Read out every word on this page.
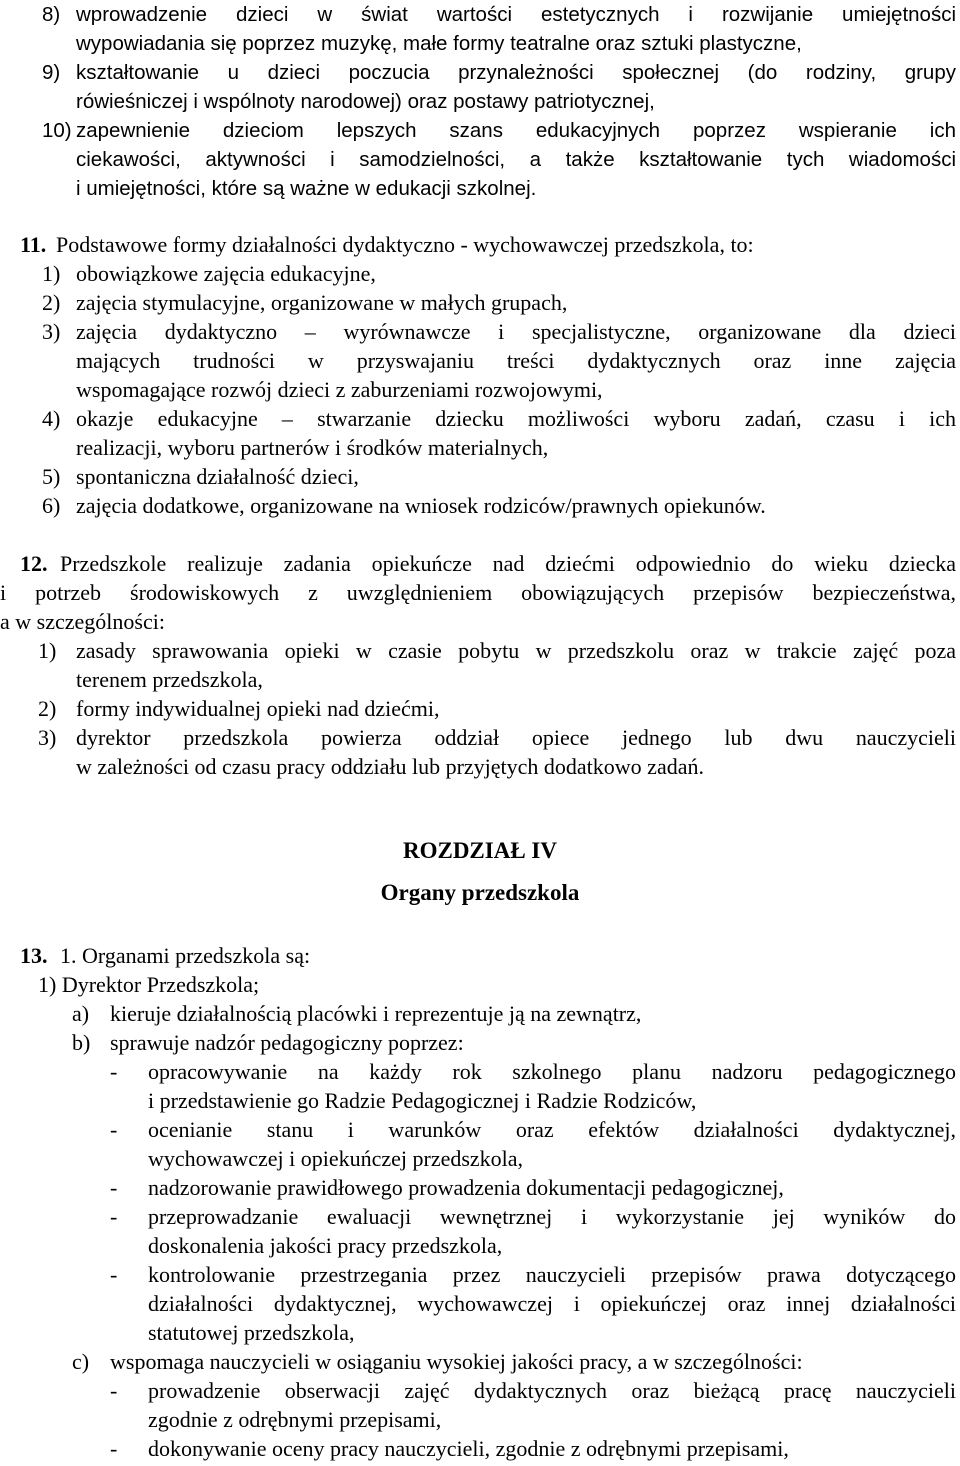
8) wprowadzenie dzieci w świat wartości estetycznych i rozwijanie umiejętności
wypowiadania się poprzez muzykę, małe formy teatralne oraz sztuki plastyczne,
9) kształtowanie u dzieci poczucia przynależności społecznej (do rodziny, grupy
rówieśniczej i wspólnoty narodowej) oraz postawy patriotycznej,
10) zapewnienie dzieciom lepszych szans edukacyjnych poprzez wspieranie ich
ciekawości, aktywności i samodzielności, a także kształtowanie tych wiadomości
i umiejętności, które są ważne w edukacji szkolnej.
11. Podstawowe formy działalności dydaktyczno - wychowawczej przedszkola, to:
1) obowiązkowe zajęcia edukacyjne,
2) zajęcia stymulacyjne, organizowane w małych grupach,
3) zajęcia dydaktyczno – wyrównawcze i specjalistyczne, organizowane dla dzieci
mających trudności w przyswajaniu treści dydaktycznych oraz inne zajęcia
wspomagające rozwój dzieci z zaburzeniami rozwojowymi,
4) okazje edukacyjne – stwarzanie dziecku możliwości wyboru zadań, czasu i ich
realizacji, wyboru partnerów i środków materialnych,
5) spontaniczna działalność dzieci,
6) zajęcia dodatkowe, organizowane na wniosek rodziców/prawnych opiekunów.
12. Przedszkole realizuje zadania opiekuńcze nad dziećmi odpowiednio do wieku dziecka
i potrzeb środowiskowych z uwzględnieniem obowiązujących przepisów bezpieczeństwa,
a w szczególności:
1) zasady sprawowania opieki w czasie pobytu w przedszkolu oraz w trakcie zajęć poza
terenem przedszkola,
2) formy indywidualnej opieki nad dziećmi,
3) dyrektor przedszkola powierza oddział opiece jednego lub dwu nauczycieli
w zależności od czasu pracy oddziału lub przyjętych dodatkowo zadań.
ROZDZIAŁ IV
Organy przedszkola
13. 1. Organami przedszkola są:
1) Dyrektor Przedszkola;
a) kieruje działalnością placówki i reprezentuje ją na zewnątrz,
b) sprawuje nadzór pedagogiczny poprzez:
- opracowywanie na każdy rok szkolnego planu nadzoru pedagogicznego
i przedstawienie go Radzie Pedagogicznej i Radzie Rodziców,
- ocenianie stanu i warunków oraz efektów działalności dydaktycznej,
wychowawczej i opiekuńczej przedszkola,
- nadzorowanie prawidłowego prowadzenia dokumentacji pedagogicznej,
- przeprowadzanie ewaluacji wewnętrznej i wykorzystanie jej wyników do
doskonalenia jakości pracy przedszkola,
- kontrolowanie przestrzegania przez nauczycieli przepisów prawa dotyczącego
działalności dydaktycznej, wychowawczej i opiekuńczej oraz innej działalności
statutowej przedszkola,
c) wspomaga nauczycieli w osiąganiu wysokiej jakości pracy, a w szczególności:
- prowadzenie obserwacji zajęć dydaktycznych oraz bieżącą pracę nauczycieli
zgodnie z odrębnymi przepisami,
- dokonywanie oceny pracy nauczycieli, zgodnie z odrębnymi przepisami,
